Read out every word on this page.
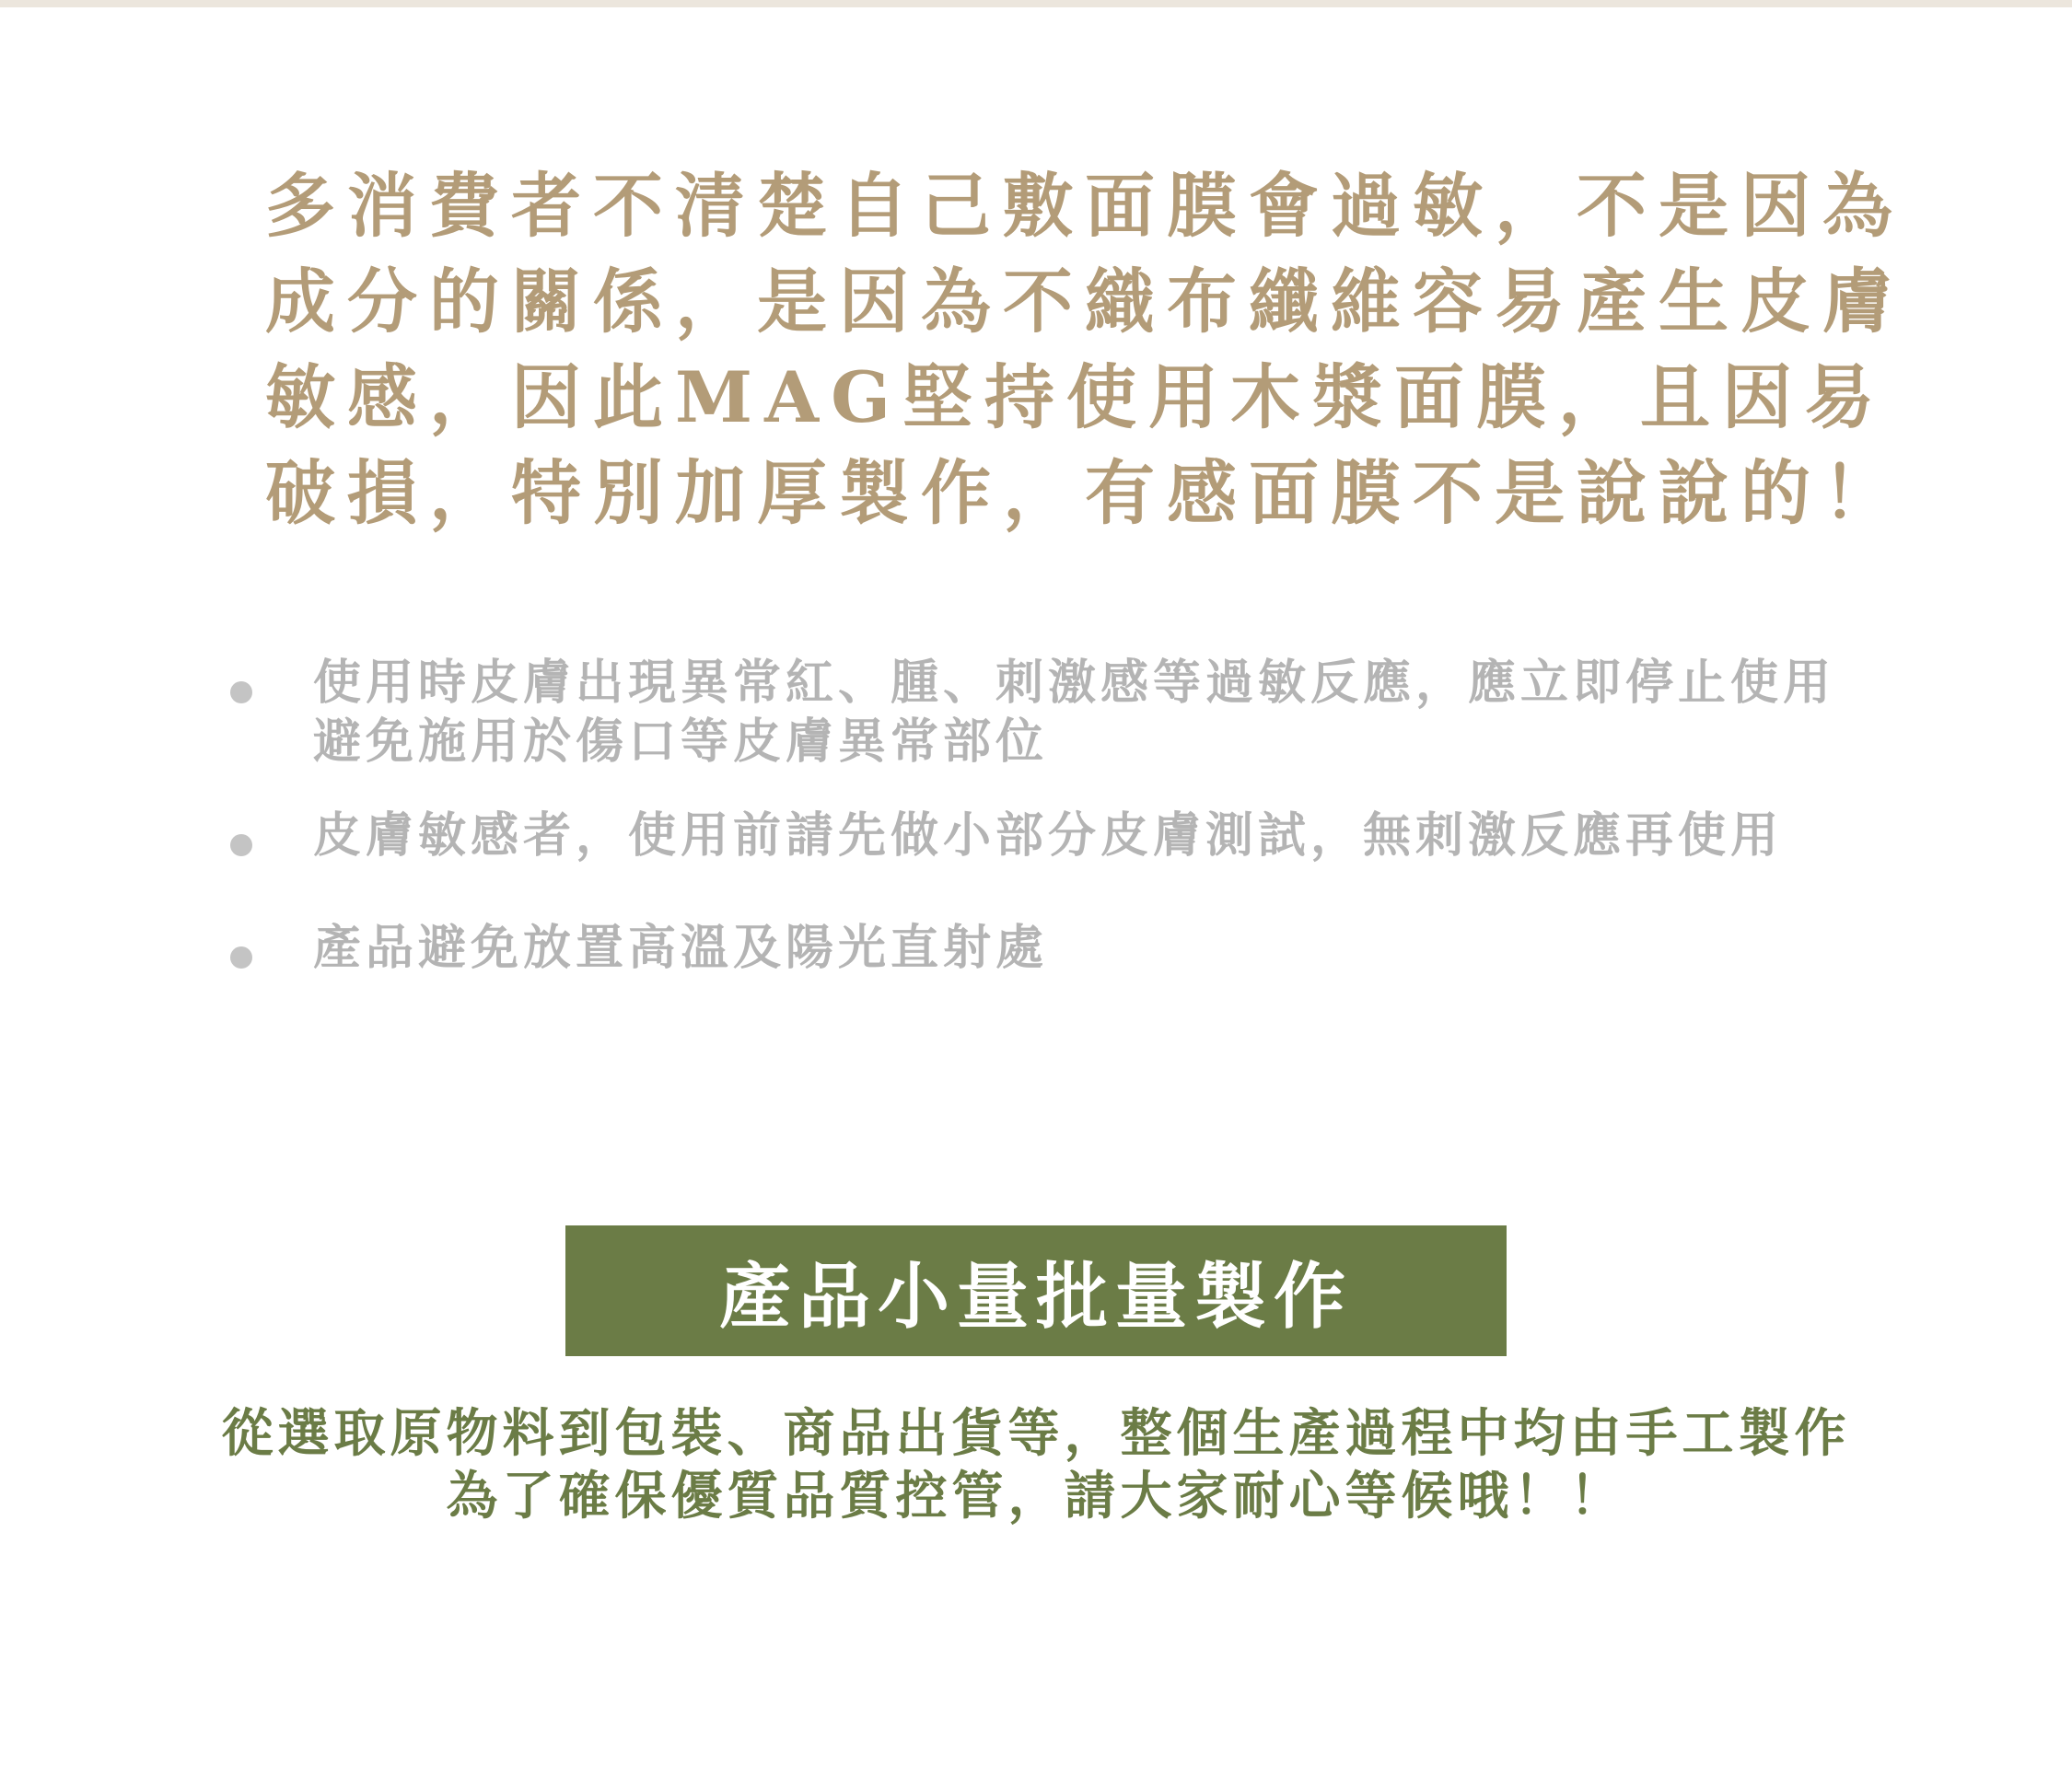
多消費者不清楚自己敷面膜會過敏，不是因為
成分的關係，是因為不織布纖維容易產生皮膚
敏感，因此MAG堅持使用木漿面膜，且因易
破損，特別加厚製作，有感面膜不是說說的！

使用時皮膚出現異常紅、腫、刺激感等過敏反應，應立即停止使用
避免施用於傷口等皮膚異常部位
皮膚敏感者，使用前請先做小部分皮膚測試，無刺激反應再使用
產品避免放置高溫及陽光直射處
產品小量批量製作
從選取原物料到包裝、商品出貨等，整個生產過程中均由手工製作
為了確保優質品質控管，請大家耐心等候哦！！
